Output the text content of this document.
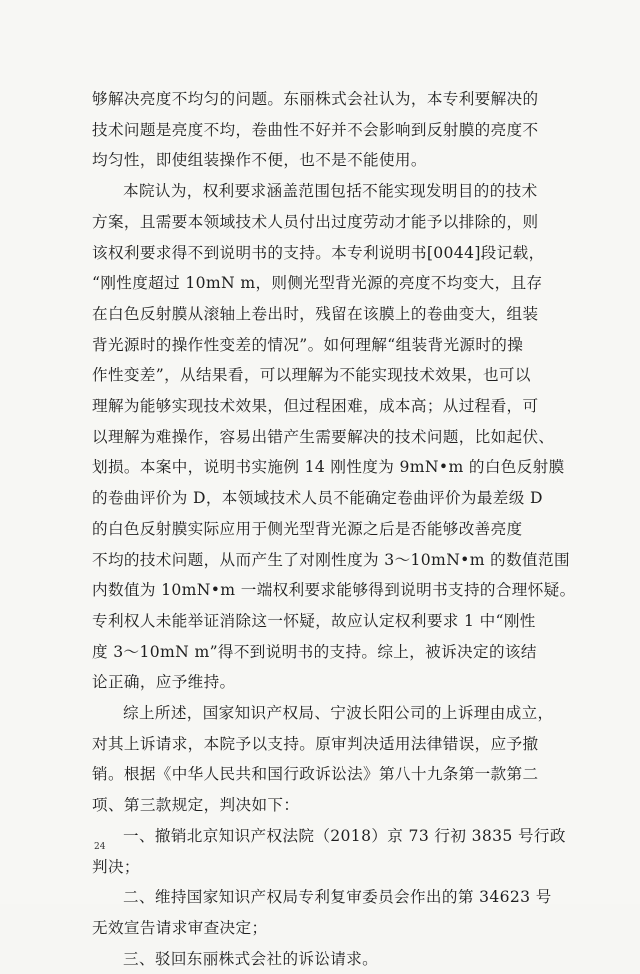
够解决亮度不均匀的问题。东丽株式会社认为，本专利要解决的
技术问题是亮度不均，卷曲性不好并不会影响到反射膜的亮度不
均匀性，即使组装操作不便，也不是不能使用。
本院认为，权利要求涵盖范围包括不能实现发明目的的技术
方案，且需要本领域技术人员付出过度劳动才能予以排除的，则
该权利要求得不到说明书的支持。本专利说明书[0044]段记载，
“刚性度超过 10mN m，则侧光型背光源的亮度不均变大，且存
在白色反射膜从滚轴上卷出时，残留在该膜上的卷曲变大，组装
背光源时的操作性变差的情况”。如何理解“组装背光源时的操
作性变差”，从结果看，可以理解为不能实现技术效果，也可以
理解为能够实现技术效果，但过程困难，成本高；从过程看，可
以理解为难操作，容易出错产生需要解决的技术问题，比如起伏、
划损。本案中，说明书实施例 14 刚性度为 9mN•m 的白色反射膜
的卷曲评价为 D，本领域技术人员不能确定卷曲评价为最差级 D
的白色反射膜实际应用于侧光型背光源之后是否能够改善亮度
不均的技术问题，从而产生了对刚性度为 3～10mN•m 的数值范围
内数值为 10mN•m 一端权利要求能够得到说明书支持的合理怀疑。
专利权人未能举证消除这一怀疑，故应认定权利要求 1 中“刚性
度 3～10mN m”得不到说明书的支持。综上，被诉决定的该结
论正确，应予维持。
综上所述，国家知识产权局、宁波长阳公司的上诉理由成立，
对其上诉请求，本院予以支持。原审判决适用法律错误，应予撤
销。根据《中华人民共和国行政诉讼法》第八十九条第一款第二
项、第三款规定，判决如下：
一、撤销北京知识产权法院（2018）京 73 行初 3835 号行政
判决；
二、维持国家知识产权局专利复审委员会作出的第 34623 号
无效宣告请求审查决定；
三、驳回东丽株式会社的诉讼请求。
24
